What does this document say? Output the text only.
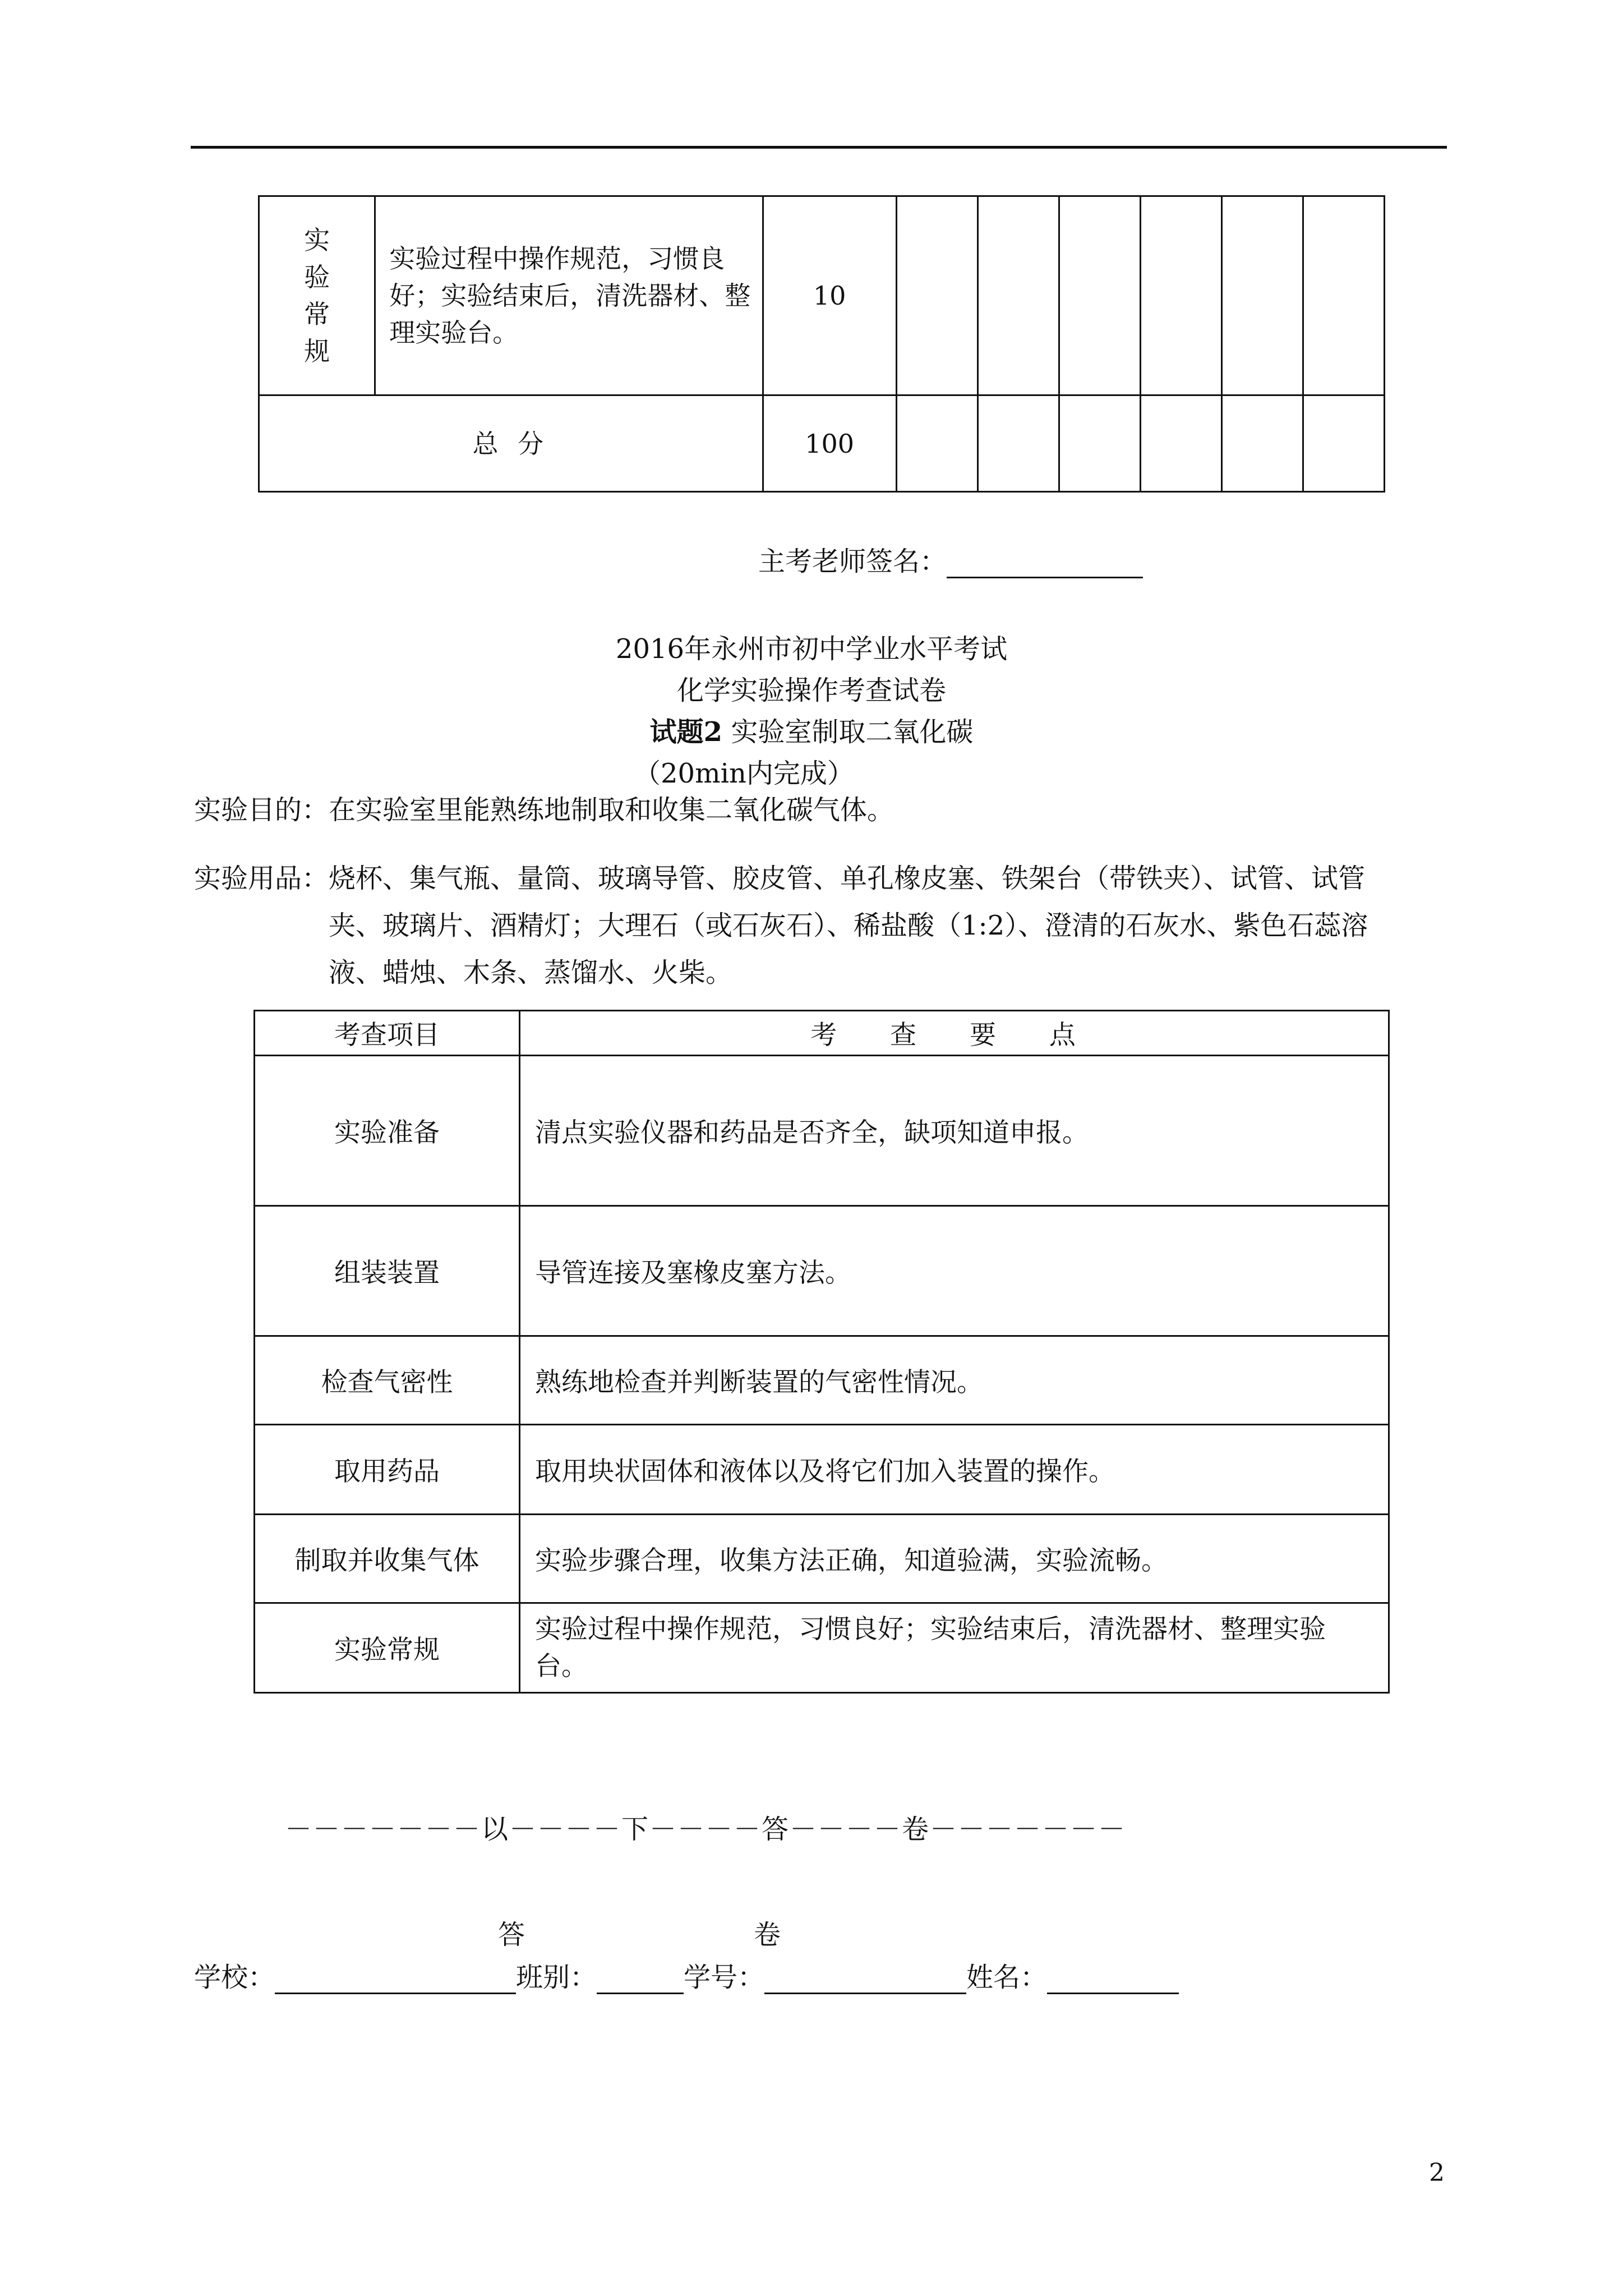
实验常规	实验过程中操作规范，习惯良好；实验结束后，清洗器材、整理实验台。	10						
总 分		100						
主考老师签名：
2016年永州市初中学业水平考试
化学实验操作考查试卷
试题2 实验室制取二氧化碳
（20min内完成）
实验目的：在实验室里能熟练地制取和收集二氧化碳气体。
实验用品：烧杯、集气瓶、量筒、玻璃导管、胶皮管、单孔橡皮塞、铁架台（带铁夹）、试管、试管
夹、玻璃片、酒精灯；大理石（或石灰石）、稀盐酸（1:2）、澄清的石灰水、紫色石蕊溶
液、蜡烛、木条、蒸馏水、火柴。
考查项目	考 查 要 点
实验准备	清点实验仪器和药品是否齐全，缺项知道申报。
组装装置	导管连接及塞橡皮塞方法。
检查气密性	熟练地检查并判断装置的气密性情况。
取用药品	取用块状固体和液体以及将它们加入装置的操作。
制取并收集气体	实验步骤合理，收集方法正确，知道验满，实验流畅。
实验常规	实验过程中操作规范，习惯良好；实验结束后，清洗器材、整理实验台。
－－－－－－－以－－－－下－－－－答－－－－卷－－－－－－－
答	卷
学校：	班别：	学号：	姓名：
2
